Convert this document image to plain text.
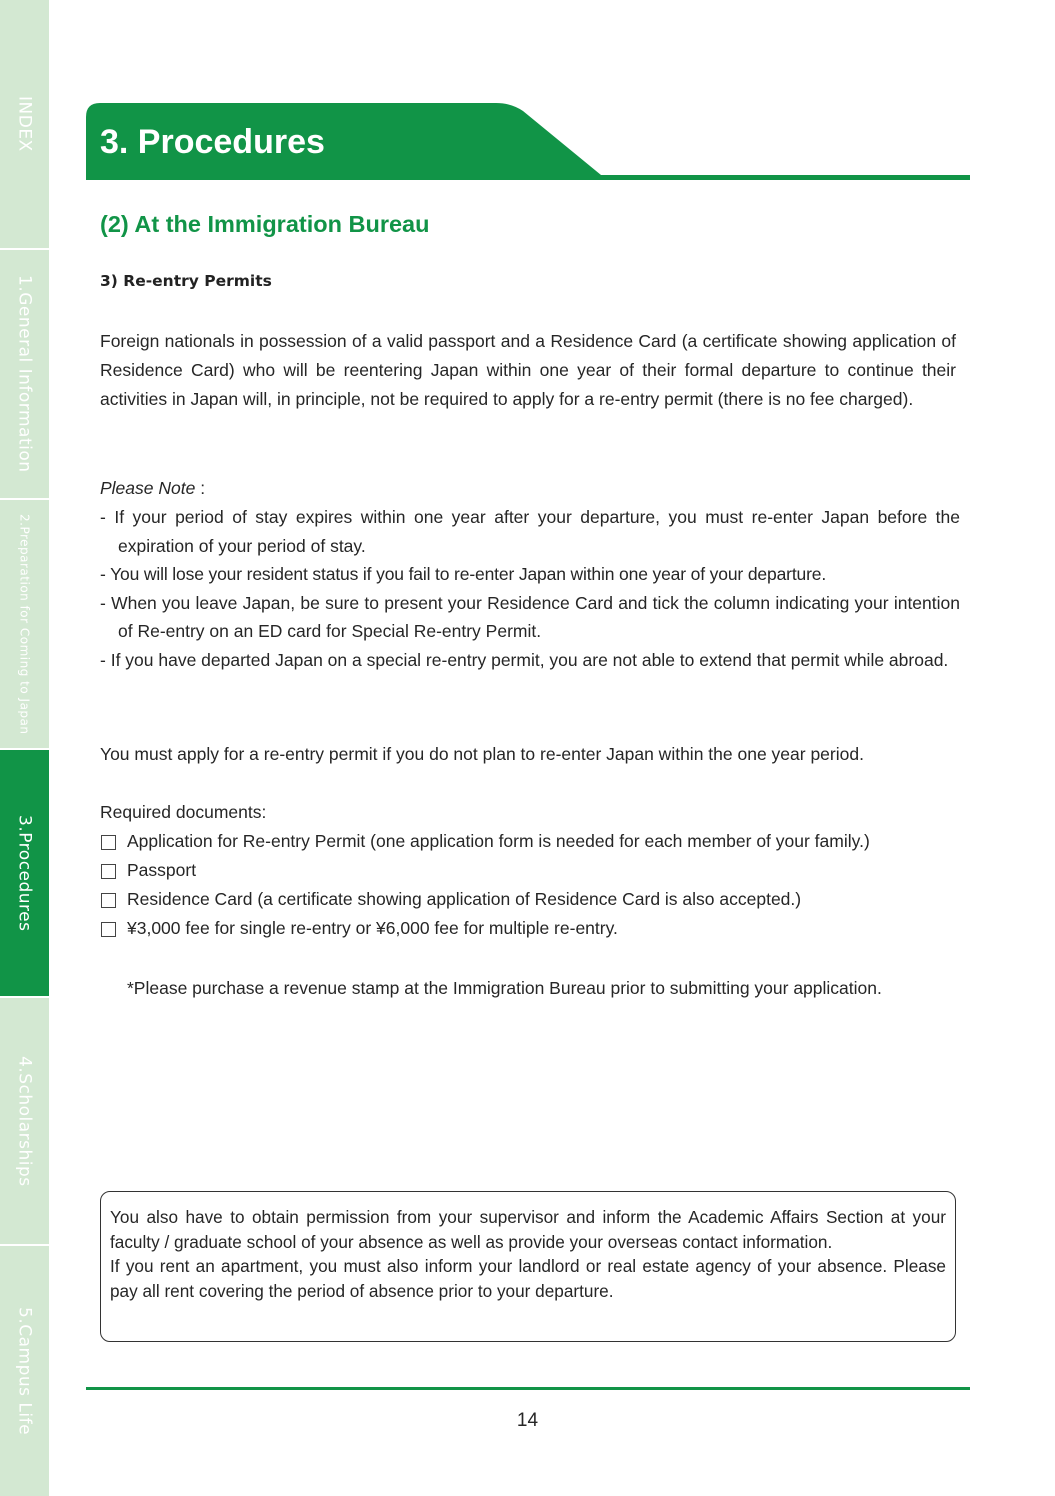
INDEX
1.General Information
2.Preparation for Coming to Japan
3.Procedures
4.Scholarships
5.Campus Life
3. Procedures
(2) At the Immigration Bureau
3) Re-entry Permits

Foreign nationals in possession of a valid passport and a Residence Card (a certificate showing application of Residence Card) who will be reentering Japan within one year of their formal departure to continue their activities in Japan will, in principle, not be required to apply for a re-entry permit (there is no fee charged).

Please Note :

- If your period of stay expires within one year after your departure, you must re-enter Japan before the expiration of your period of stay.
- You will lose your resident status if you fail to re-enter Japan within one year of your departure.
- When you leave Japan, be sure to present your Residence Card and tick the column indicating your intention of Re-entry on an ED card for Special Re-entry Permit.
- If you have departed Japan on a special re-entry permit, you are not able to extend that permit while abroad.

You must apply for a re-entry permit if you do not plan to re-enter Japan within the one year period.

Required documents:

Application for Re-entry Permit (one application form is needed for each member of your family.)
Passport
Residence Card (a certificate showing application of Residence Card is also accepted.)
¥3,000 fee for single re-entry or ¥6,000 fee for multiple re-entry.

*Please purchase a revenue stamp at the Immigration Bureau prior to submitting your application.

You also have to obtain permission from your supervisor and inform the Academic Affairs Section at your faculty / graduate school of your absence as well as provide your overseas contact information.

If you rent an apartment, you must also inform your landlord or real estate agency of your absence. Please pay all rent covering the period of absence prior to your departure.

14
